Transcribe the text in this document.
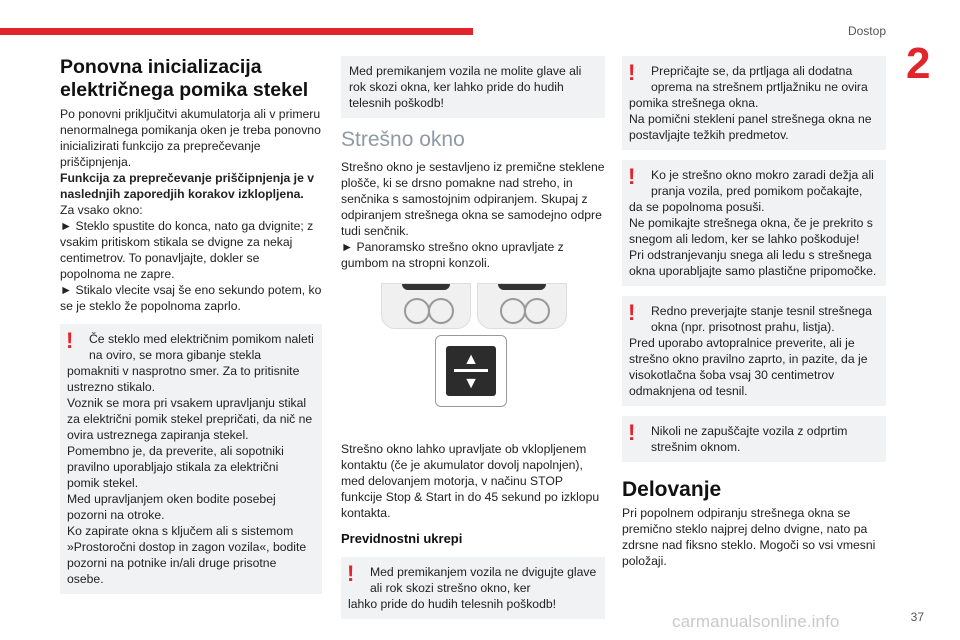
Dostop
2
37
carmanualsonline.info
Ponovna inicializacija električnega pomika stekel

Po ponovni priključitvi akumulatorja ali v primeru nenormalnega pomikanja oken je treba ponovno inicializirati funkcijo za preprečevanje priščipnjenja.

Funkcija za preprečevanje priščipnjenja je v naslednjih zaporedjih korakov izklopljena.

Za vsako okno:

► Steklo spustite do konca, nato ga dvignite; z vsakim pritiskom stikala se dvigne za nekaj centimetrov. To ponavljajte, dokler se popolnoma ne zapre.

► Stikalo vlecite vsaj še eno sekundo potem, ko se je steklo že popolnoma zaprlo.

!	Če steklo med električnim pomikom naleti na oviro, se mora gibanje stekla

pomakniti v nasprotno smer. Za to pritisnite ustrezno stikalo.

Voznik se mora pri vsakem upravljanju stikal za električni pomik stekel prepričati, da nič ne ovira ustreznega zapiranja stekel.

Pomembno je, da preverite, ali sopotniki pravilno uporabljajo stikala za električni pomik stekel.

Med upravljanjem oken bodite posebej pozorni na otroke.

Ko zapirate okna s ključem ali s sistemom »Prostoročni dostop in zagon vozila«, bodite pozorni na potnike in/ali druge prisotne osebe.

Med premikanjem vozila ne molite glave ali rok skozi okna, ker lahko pride do hudih telesnih poškodb!

Strešno okno

Strešno okno je sestavljeno iz premične steklene plošče, ki se drsno pomakne nad streho, in senčnika s samostojnim odpiranjem. Skupaj z odpiranjem strešnega okna se samodejno odpre tudi senčnik.

► Panoramsko strešno okno upravljate z gumbom na stropni konzoli.

▲
▼

Strešno okno lahko upravljate ob vklopljenem kontaktu (če je akumulator dovolj napolnjen), med delovanjem motorja, v načinu STOP funkcije Stop & Start in do 45 sekund po izklopu kontakta.

Previdnostni ukrepi
!	Med premikanjem vozila ne dvigujte glave ali rok skozi strešno okno, ker

lahko pride do hudih telesnih poškodb!

!	Prepričajte se, da prtljaga ali dodatna oprema na strešnem prtljažniku ne ovira

pomika strešnega okna.

Na pomični stekleni panel strešnega okna ne postavljajte težkih predmetov.

!	Ko je strešno okno mokro zaradi dežja ali pranja vozila, pred pomikom počakajte,

da se popolnoma posuši.

Ne pomikajte strešnega okna, če je prekrito s snegom ali ledom, ker se lahko poškoduje!

Pri odstranjevanju snega ali ledu s strešnega okna uporabljajte samo plastične pripomočke.

!	Redno preverjajte stanje tesnil strešnega okna (npr. prisotnost prahu, listja).

Pred uporabo avtopralnice preverite, ali je strešno okno pravilno zaprto, in pazite, da je visokotlačna šoba vsaj 30 centimetrov odmaknjena od tesnil.

!	Nikoli ne zapuščajte vozila z odprtim strešnim oknom.

Delovanje

Pri popolnem odpiranju strešnega okna se premično steklo najprej delno dvigne, nato pa zdrsne nad fiksno steklo. Mogoči so vsi vmesni položaji.
